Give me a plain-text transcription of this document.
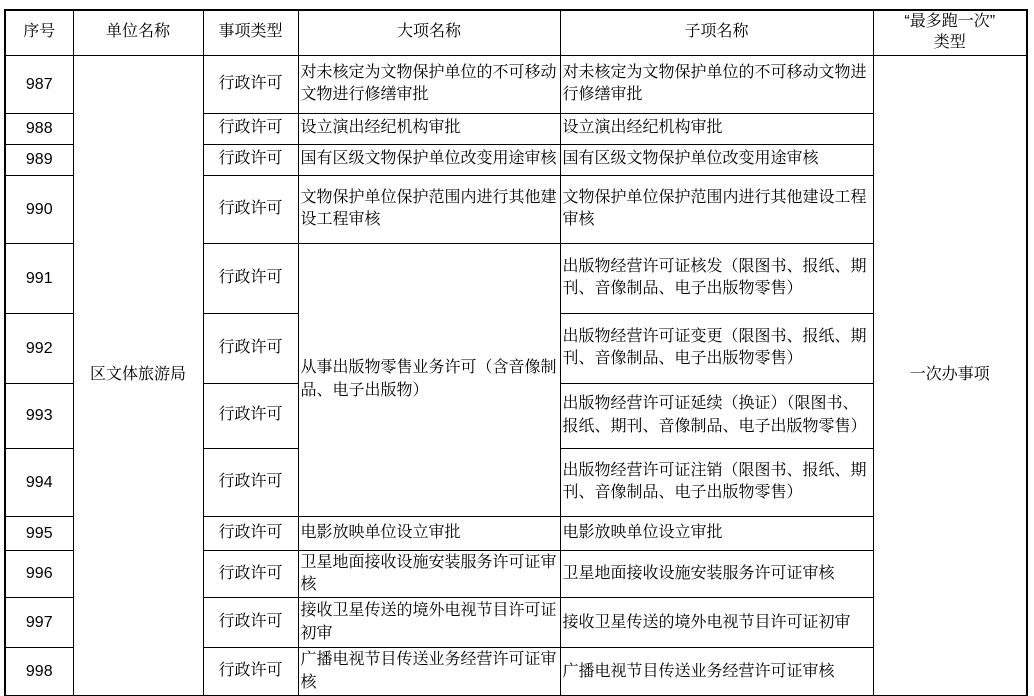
序号	单位名称	事项类型	大项名称	子项名称	“最多跑一次”
类型

987	区文体旅游局	行政许可	对未核定为文物保护单位的不可移动文物进行修缮审批	对未核定为文物保护单位的不可移动文物进行修缮审批	一次办事项
988		行政许可	设立演出经纪机构审批	设立演出经纪机构审批	
989		行政许可	国有区级文物保护单位改变用途审核	国有区级文物保护单位改变用途审核	
990		行政许可	文物保护单位保护范围内进行其他建设工程审核	文物保护单位保护范围内进行其他建设工程审核	
991		行政许可	从事出版物零售业务许可（含音像制品、电子出版物）	出版物经营许可证核发（限图书、报纸、期刊、音像制品、电子出版物零售）	
992		行政许可		出版物经营许可证变更（限图书、报纸、期刊、音像制品、电子出版物零售）	
993		行政许可		出版物经营许可证延续（换证）（限图书、报纸、期刊、音像制品、电子出版物零售）	
994		行政许可		出版物经营许可证注销（限图书、报纸、期刊、音像制品、电子出版物零售）	
995		行政许可	电影放映单位设立审批	电影放映单位设立审批	
996		行政许可	卫星地面接收设施安装服务许可证审核	卫星地面接收设施安装服务许可证审核	
997		行政许可	接收卫星传送的境外电视节目许可证初审	接收卫星传送的境外电视节目许可证初审	
998		行政许可	广播电视节目传送业务经营许可证审核	广播电视节目传送业务经营许可证审核	
